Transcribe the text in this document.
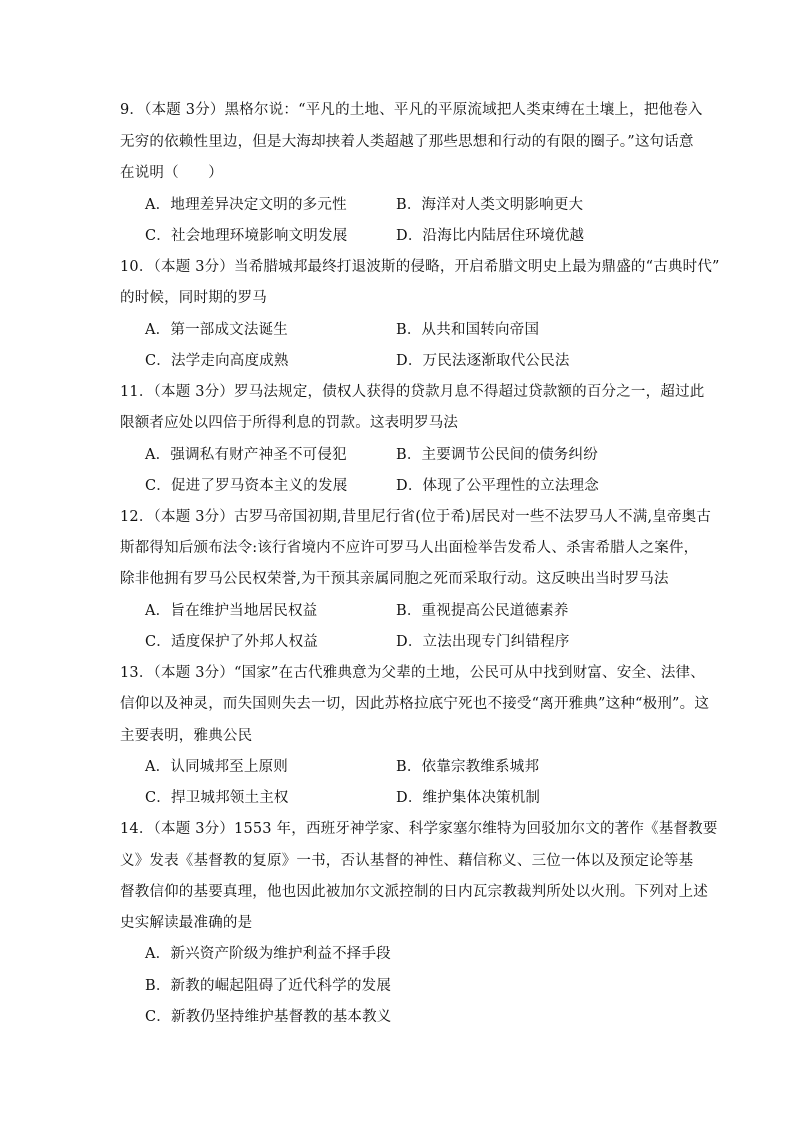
9．（本题 3分）黑格尔说：“平凡的土地、平凡的平原流域把人类束缚在土壤上，把他卷入
无穷的依赖性里边，但是大海却挟着人类超越了那些思想和行动的有限的圈子。”这句话意
在说明（　　）
A．地理差异决定文明的多元性	B．海洋对人类文明影响更大
C．社会地理环境影响文明发展	D．沿海比内陆居住环境优越
10．（本题 3分）当希腊城邦最终打退波斯的侵略，开启希腊文明史上最为鼎盛的“古典时代”
的时候，同时期的罗马
A．第一部成文法诞生	B．从共和国转向帝国
C．法学走向高度成熟	D．万民法逐渐取代公民法
11．（本题 3分）罗马法规定，债权人获得的贷款月息不得超过贷款额的百分之一，超过此
限额者应处以四倍于所得利息的罚款。这表明罗马法
A．强调私有财产神圣不可侵犯	B．主要调节公民间的债务纠纷
C．促进了罗马资本主义的发展	D．体现了公平理性的立法理念
12．（本题 3分）古罗马帝国初期,昔里尼行省(位于希)居民对一些不法罗马人不满,皇帝奥古
斯都得知后颁布法令:该行省境内不应许可罗马人出面检举告发希人、杀害希腊人之案件，
除非他拥有罗马公民权荣誉,为干预其亲属同胞之死而采取行动。这反映出当时罗马法
A．旨在维护当地居民权益	B．重视提高公民道德素养
C．适度保护了外邦人权益	D．立法出现专门纠错程序
13．（本题 3分）“国家”在古代雅典意为父辈的土地，公民可从中找到财富、安全、法律、
信仰以及神灵，而失国则失去一切，因此苏格拉底宁死也不接受“离开雅典”这种“极刑”。这
主要表明，雅典公民
A．认同城邦至上原则	B．依靠宗教维系城邦
C．捍卫城邦领土主权	D．维护集体决策机制
14．（本题 3分）1553 年，西班牙神学家、科学家塞尔维特为回驳加尔文的著作《基督教要
义》发表《基督教的复原》一书，否认基督的神性、藉信称义、三位一体以及预定论等基
督教信仰的基要真理，他也因此被加尔文派控制的日内瓦宗教裁判所处以火刑。下列对上述
史实解读最准确的是
A．新兴资产阶级为维护利益不择手段
B．新教的崛起阻碍了近代科学的发展
C．新教仍坚持维护基督教的基本教义
